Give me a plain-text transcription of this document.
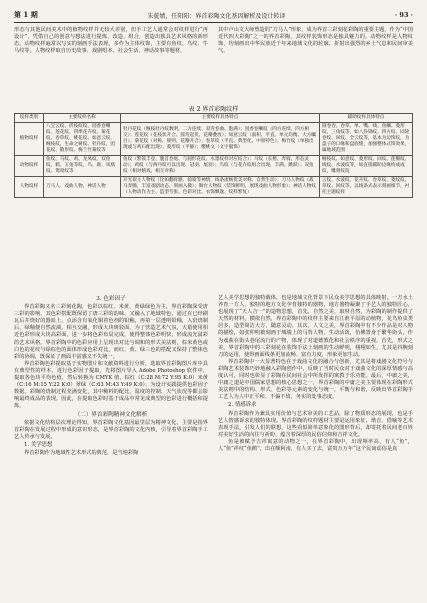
第 1 期	朱莸婧，任阳阳：界首彩陶文化基因解析及设计转译	· 93 ·

形态与其他民间美术中的植物纹样并无较大差别，但手工艺人通常会对纹样进行“再设计”，凭借自己的创意与想法进行提炼、改造、组合，创造出独具艺术风格的新形态。动物纹样遍常以写实的刻画手法表现，多作为主体纹饰，主要有鱼纹、鸟纹、牛马纹等。人物纹样取自历史故事、戏剧唱本、社会生活、神话故事等题材，

其中卢山文大师塑造的“刀马人”形象，成为界首三彩刻花彩陶的重要主题，作为“中国近代四大彩陶”之一的界首彩陶，其纹样装饰形态是独具魅力的。动物纹样是人物纹饰，均刻画出中华民族近千年来地域文化的轮廓，折射出强烈的乡土气息和民间审美气。

表 2 界首彩陶纹样
纹样类别	主要纹样名称	主要纹样具体特点	辅助纹样具体特点
植物纹样	八宝云纹、折枝纹纹、园香卷喇纹、莲花纹、四季花卉纹、菊花纹、卷草纹、桃花纹、如意云纹、缠枝纹、生命之树纹、牡丹纹、团花纹、散形纹、梅兰竹菊纹等	牡丹花纹（缠枝牡丹纹数明，二方连续、双弯卷曲、饱满）；园香卷喇纹（四方连续、四方相交）；莲花纹（花枝状开合、弧弯起伏、花瓣叠放）；如意云纹（面积、平直、单元均衡、大方瞩目）；菊花纹（对称、规则、花瓣开合）；卷草纹（平直、典型化、中原特色）；梅竹纹（单独出现或与鸡石配出现）；菱形纹（平静）；樱桃文（文字服饰）	圆卷卷、卷草、单、嘴、线、鱼鳞、菱形纹、三角纹等，如八卦锦纹、四方纹、同轮卷纹、回纹、全云纹等，基本为边饰纹，为盘子的口缘和盘底缝，加强整体式饰效果，属地域范围
动物纹样	鱼纹、马纹、鸡、龙凤纹、双鱼纹、鹤、玉兔等纹、鸟、鹿、凤凰纹、鸳鸯纹等	鱼纹（繁簇丰登、腹首卷尾、与圆形花纹、水墨纹样对应结合）；马纹（长鬃、奔骑、形态灵动）；鸡纹（与两丹纹可以出现、冠羽、尾羽）；鸟纹（与花卉纹组合出现、丰满、跳跃）；双鱼纹（相对嬉戏、相互对称）	缠枝纹、如意纹、菱形纹、回纹、莲瓣纹、线纹、水波纹等，如直接辅助边缘构成成纹，雕刻纹纹
人物纹样	刀马人、戏曲人物、神话人物	开光似主人物纹（比如翻骨骼、骑骑等神情，线条流畅优美对称、自然生动）；刀马人物纹（战马奔腾、丰富戏剧动态、刻画入微）；舞台人物纹（装饰鲜明、展现戏曲人物形象）；神话人物纹（人物动作为主、造型夸张、色彩对比、衣饰飘逸、纹样繁复）	云纹、水波纹、花卉纹、卷草纹、菱纹纹、草纹、回纹等，以线条式表示刻画细节，衬托主题纹样

3. 色彩因子

界首彩陶又名三彩刻花陶，色彩以棕红、米黄、黄绿绿色为主，界首彩陶深受唐三彩的影响，其色彩搭配既保留了唐三彩的韵味，又融入了地域特色，通过在已经刷瓦后并烧好的器皿上，点添含有氧化铜着色剂的铅釉，再第一层透明铅釉，入窑烧制后，绿釉便自然流淌，相互交融，形成大块斑驳面，为了营造艺术气氛，大量使用相近色彩形成大块高彩面，进一步将色彩布局完成，使得整体色彩明快，形成流光溢彩的艺术风格。界首彩陶中的色彩应用上呈现出对比与调和的形式美法则，棕米黄色或白色的花纹与绿棕色的面体形成色彩对比，而红、黄、绿三色的搭配又保持了整体色彩的协调，既保证了画面丰富感又不失统一。

界首彩陶色彩提取基于实物图片和文献资料进行分析，选取界首彩陶图片库中具有典型性的样本，进行色彩因子提取，先将图片导入 Adobe Photoshop 软件中，提取各色块平均色值，然后转换为 CMYK 值，棕红（C:28 M:72 Y:95 K:0）米黄（C:16 M:15 Y:22 K:0）翠绿（C:63 M:43 Y:49 K:0），为设计实践提供色彩因子数据。彩陶的烧制过程充满变化，其中釉料的配比、温度的控制、天气状况等都会影响最终成品的表现。因此，在提取色彩时基于成品中常见成典型的色彩进行概括和提炼。

（二）界首彩陶精神文化解析

依据文化结构层次理论得知，界首彩陶文化基因最里层为精神文化，主要是指界首彩陶在发展过程中形成的意识形态，是界首彩陶的文化内核，引导着界首彩陶手工艺人传承与发展。

1. 美学思想

界首彩陶作为地域性艺术形式的典范，是当地彩陶

艺人美学思想的独特载体，也是地域文化背景下民众美学思想的具体映射。一方水土养育一方人，独特的地方文化孕育独特的器物，地方器物凝聚了手艺人的独特匠心，也展现了“天人合一”的造物思想，首先，自然之美，取材自然，为彩陶的制作提供了天然的材料，横依自然，界首彩陶中的纹样主要来自江淮平原的动植物，花鸟鱼虫类居多，造型简洁大方，随意灵动。其次，人文之美，界首彩陶中有不少作品是对人物的描绘，如张仲明被刻画于城墙上的马背人物，生动活泼，仿佛置身于繁华街头，作为戏曲在街头巷尾流行的产物，体现了对道德教化和社会秩序的重视。首先，形式之美，界首彩陶中的三彩刻花在装饰手法上刻画的生动鲜明，栩栩如生，尤其是抖腕刻刀的运用，使得画面线条更加流畅、富有力度，形象更加生动。

界首彩陶中一大显著特色在于戏曲文化的融合与创新，尤其是将戏剧文化符号与彩陶艺术装饰巧妙地融入彩陶创作中，反映了当时民众对于戏曲文化的深厚情感与高度认可，同时也彰显了彩陶在民间社会中所发挥的寓教于乐功能。最后，中庸之美，中庸之道是中国儒家思想的核心思想之一，界首彩陶的中庸之美主要体现在彩陶形式美法则中的结构、形式、色彩等元素的变化与统一，平衡与和谐，反映出界首彩陶手工艺人为人中正平和、不偏不倚，务实的处事态度。

2. 情感诉求

界首彩陶作为兼具实用价值与艺术审美的工艺品，除了物质形态的展现，也是手艺人情感诉求的独特体现。界首彩陶的纹样题材主要是运用象征、谐音、借喻等艺术表现手法，引发人们的联想，这些看似简单意象化的图形背后，却寄托着民间老百姓对美好生活的向往与祈盼，蕴含着深厚的民俗信仰和吉祥文化。

鱼是被赋予吉祥寓意的动物之一，在界首彩陶中，出现频率高，有人“鱼”，人“鱼”祥纹“鱼鹅”，出在颇阿南，有人买了去，富贵万万年“这个民间谣俗是真
